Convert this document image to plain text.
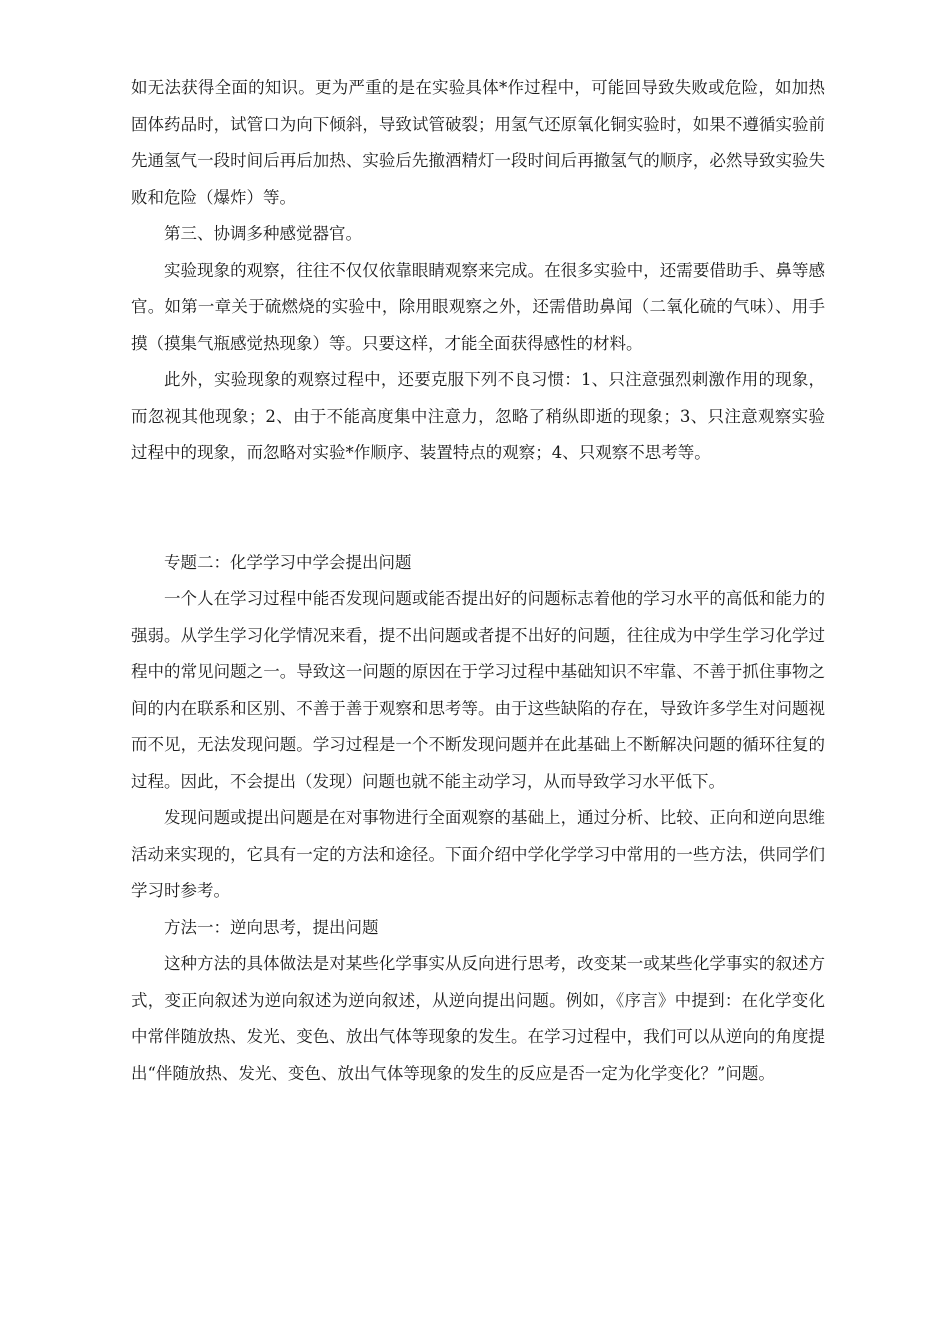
如无法获得全面的知识。更为严重的是在实验具体*作过程中，可能回导致失败或危险，如加热固体药品时，试管口为向下倾斜，导致试管破裂；用氢气还原氧化铜实验时，如果不遵循实验前先通氢气一段时间后再后加热、实验后先撤酒精灯一段时间后再撤氢气的顺序，必然导致实验失败和危险（爆炸）等。

第三、协调多种感觉器官。

实验现象的观察，往往不仅仅依靠眼睛观察来完成。在很多实验中，还需要借助手、鼻等感官。如第一章关于硫燃烧的实验中，除用眼观察之外，还需借助鼻闻（二氧化硫的气味）、用手摸（摸集气瓶感觉热现象）等。只要这样，才能全面获得感性的材料。

此外，实验现象的观察过程中，还要克服下列不良习惯：1、只注意强烈刺激作用的现象，而忽视其他现象；2、由于不能高度集中注意力，忽略了稍纵即逝的现象；3、只注意观察实验过程中的现象，而忽略对实验*作顺序、装置特点的观察；4、只观察不思考等。

专题二：化学学习中学会提出问题

一个人在学习过程中能否发现问题或能否提出好的问题标志着他的学习水平的高低和能力的强弱。从学生学习化学情况来看，提不出问题或者提不出好的问题，往往成为中学生学习化学过程中的常见问题之一。导致这一问题的原因在于学习过程中基础知识不牢靠、不善于抓住事物之间的内在联系和区别、不善于善于观察和思考等。由于这些缺陷的存在，导致许多学生对问题视而不见，无法发现问题。学习过程是一个不断发现问题并在此基础上不断解决问题的循环往复的过程。因此，不会提出（发现）问题也就不能主动学习，从而导致学习水平低下。

发现问题或提出问题是在对事物进行全面观察的基础上，通过分析、比较、正向和逆向思维活动来实现的，它具有一定的方法和途径。下面介绍中学化学学习中常用的一些方法，供同学们学习时参考。

方法一：逆向思考，提出问题

这种方法的具体做法是对某些化学事实从反向进行思考，改变某一或某些化学事实的叙述方式，变正向叙述为逆向叙述为逆向叙述，从逆向提出问题。例如，《序言》中提到：在化学变化中常伴随放热、发光、变色、放出气体等现象的发生。在学习过程中，我们可以从逆向的角度提出“伴随放热、发光、变色、放出气体等现象的发生的反应是否一定为化学变化？”问题。
